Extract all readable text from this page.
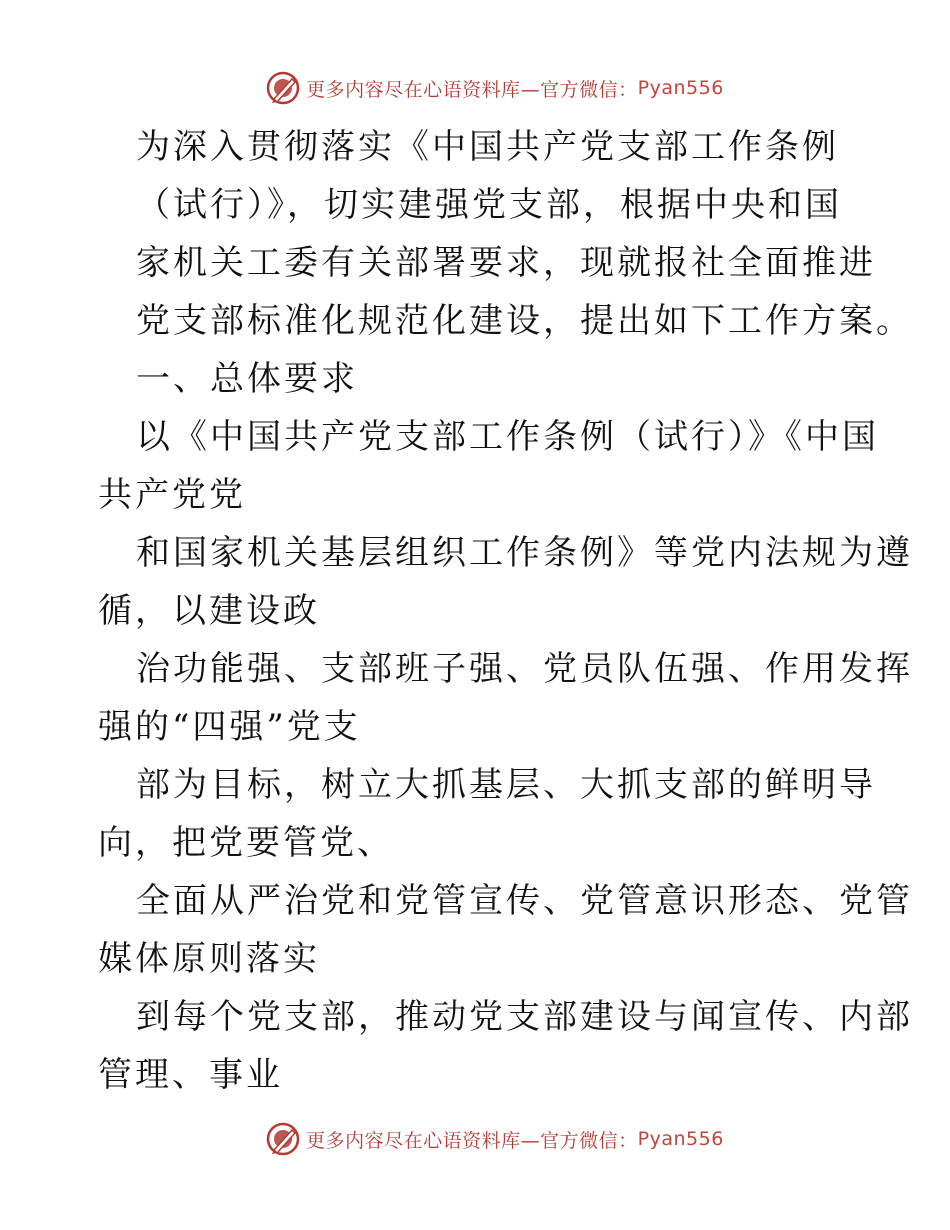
更多内容尽在心语资料库—官方微信： Pyan556
为深入贯彻落实《中国共产党支部工作条例
（试行）》，切实建强党支部，根据中央和国
家机关工委有关部署要求，现就报社全面推进
党支部标准化规范化建设，提出如下工作方案。
一、总体要求
以《中国共产党支部工作条例（试行）》《中国
共产党党
和国家机关基层组织工作条例》等党内法规为遵
循，以建设政
治功能强、支部班子强、党员队伍强、作用发挥
强的“四强”党支
部为目标，树立大抓基层、大抓支部的鲜明导
向，把党要管党、
全面从严治党和党管宣传、党管意识形态、党管
媒体原则落实
到每个党支部，推动党支部建设与闻宣传、内部
管理、事业
更多内容尽在心语资料库—官方微信： Pyan556
